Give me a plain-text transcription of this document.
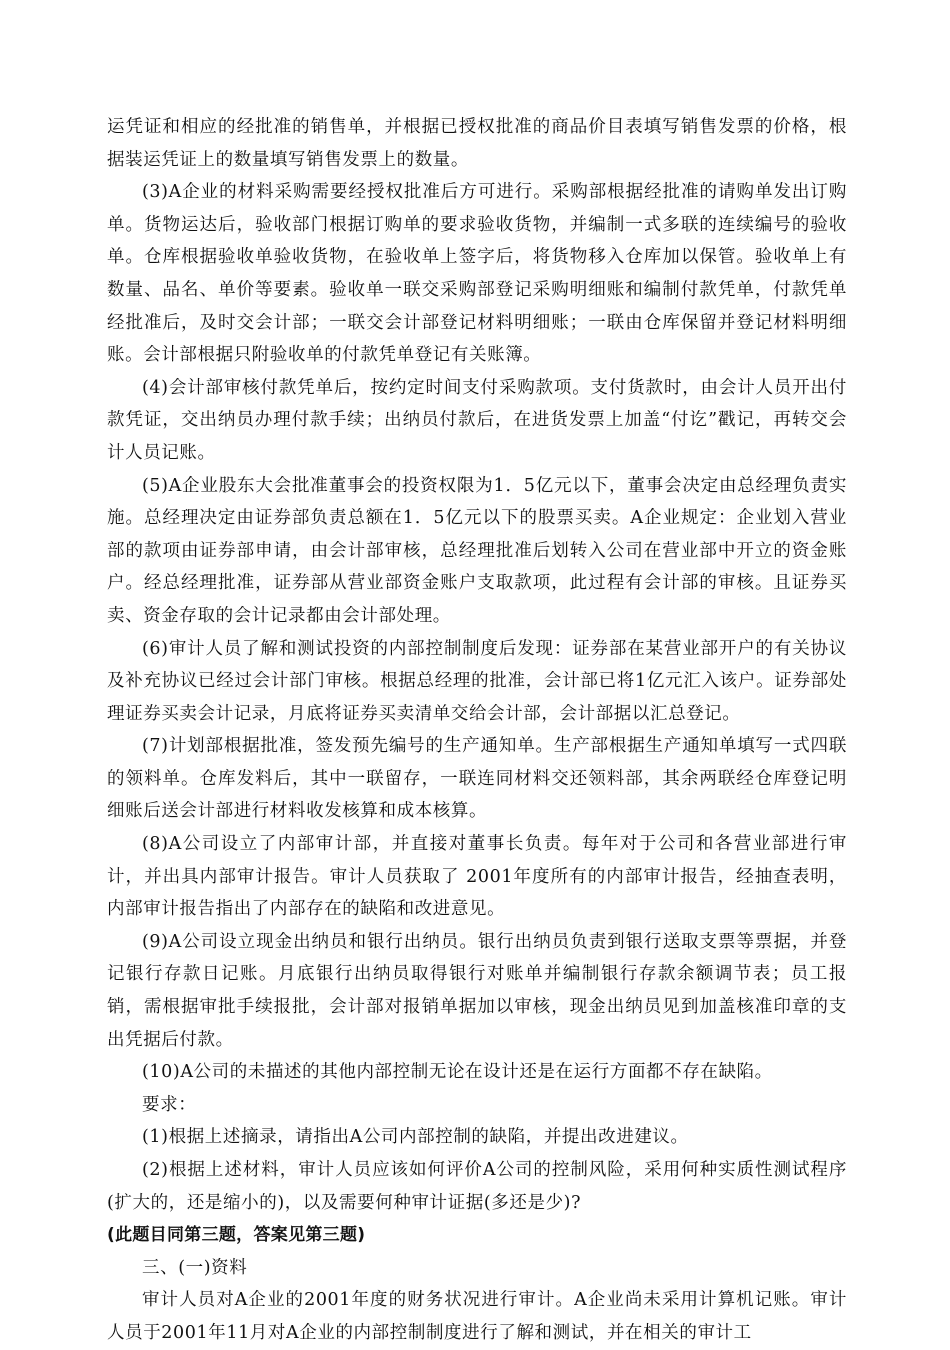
运凭证和相应的经批准的销售单，并根据已授权批准的商品价目表填写销售发票的价格，根据装运凭证上的数量填写销售发票上的数量。

(3)A企业的材料采购需要经授权批准后方可进行。采购部根据经批准的请购单发出订购单。货物运达后，验收部门根据订购单的要求验收货物，并编制一式多联的连续编号的验收单。仓库根据验收单验收货物，在验收单上签字后，将货物移入仓库加以保管。验收单上有数量、品名、单价等要素。验收单一联交采购部登记采购明细账和编制付款凭单，付款凭单经批准后，及时交会计部；一联交会计部登记材料明细账；一联由仓库保留并登记材料明细账。会计部根据只附验收单的付款凭单登记有关账簿。

(4)会计部审核付款凭单后，按约定时间支付采购款项。支付货款时，由会计人员开出付款凭证，交出纳员办理付款手续；出纳员付款后，在进货发票上加盖“付讫”戳记，再转交会计人员记账。

(5)A企业股东大会批准董事会的投资权限为1．5亿元以下，董事会决定由总经理负责实施。总经理决定由证券部负责总额在1．5亿元以下的股票买卖。A企业规定：企业划入营业部的款项由证券部申请，由会计部审核，总经理批准后划转入公司在营业部中开立的资金账户。经总经理批准，证券部从营业部资金账户支取款项，此过程有会计部的审核。且证券买卖、资金存取的会计记录都由会计部处理。

(6)审计人员了解和测试投资的内部控制制度后发现：证券部在某营业部开户的有关协议及补充协议已经过会计部门审核。根据总经理的批准，会计部已将1亿元汇入该户。证券部处理证券买卖会计记录，月底将证券买卖清单交给会计部，会计部据以汇总登记。

(7)计划部根据批准，签发预先编号的生产通知单。生产部根据生产通知单填写一式四联的领料单。仓库发料后，其中一联留存，一联连同材料交还领料部，其余两联经仓库登记明细账后送会计部进行材料收发核算和成本核算。

(8)A公司设立了内部审计部，并直接对董事长负责。每年对于公司和各营业部进行审计，并出具内部审计报告。审计人员获取了 2001年度所有的内部审计报告，经抽查表明，内部审计报告指出了内部存在的缺陷和改进意见。

(9)A公司设立现金出纳员和银行出纳员。银行出纳员负责到银行送取支票等票据，并登记银行存款日记账。月底银行出纳员取得银行对账单并编制银行存款余额调节表；员工报销，需根据审批手续报批，会计部对报销单据加以审核，现金出纳员见到加盖核准印章的支出凭据后付款。

(10)A公司的未描述的其他内部控制无论在设计还是在运行方面都不存在缺陷。

要求：

(1)根据上述摘录，请指出A公司内部控制的缺陷，并提出改进建议。

(2)根据上述材料，审计人员应该如何评价A公司的控制风险，采用何种实质性测试程序(扩大的，还是缩小的)，以及需要何种审计证据(多还是少)?

(此题目同第三题，答案见第三题)

三、(一)资料

审计人员对A企业的2001年度的财务状况进行审计。A企业尚未采用计算机记账。审计人员于2001年11月对A企业的内部控制制度进行了解和测试，并在相关的审计工
